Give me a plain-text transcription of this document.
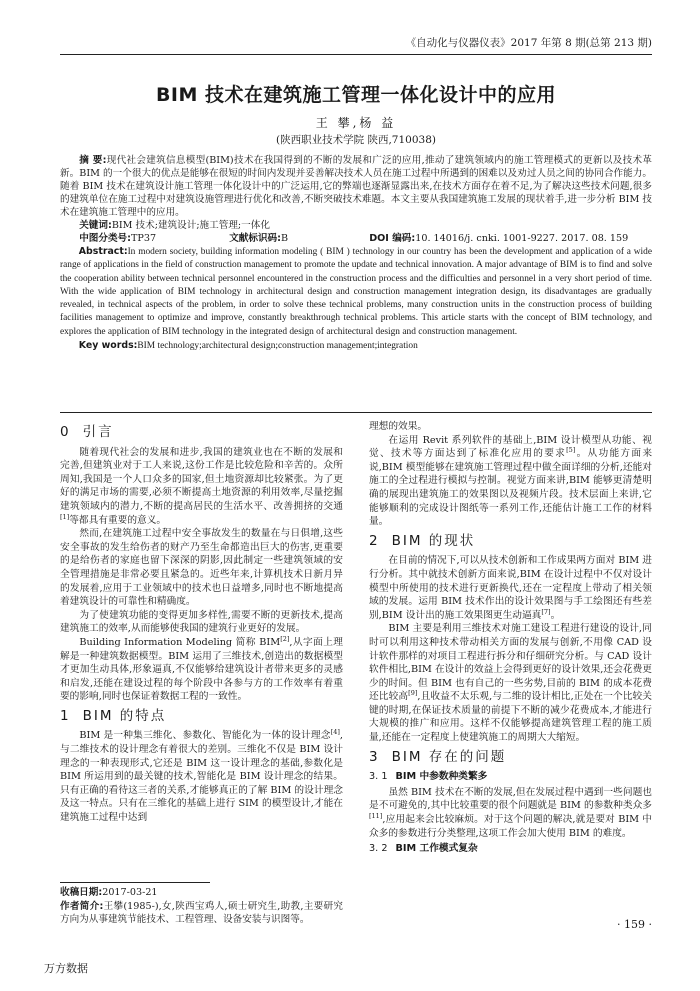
《自动化与仪器仪表》2017 年第 8 期(总第 213 期)
BIM 技术在建筑施工管理一体化设计中的应用
王 攀,杨 益
(陕西职业技术学院 陕西,710038)

摘 要:现代社会建筑信息模型(BIM)技术在我国得到的不断的发展和广泛的应用,推动了建筑领域内的施工管理模式的更新以及技术革新。BIM 的一个很大的优点是能够在很短的时间内发现并妥善解决技术人员在施工过程中所遇到的困难以及劝过人员之间的协同合作能力。随着 BIM 技术在建筑设计施工管理一体化设计中的广泛运用,它的弊端也逐渐显露出来,在技术方面存在着不足,为了解决这些技术问题,很多的建筑单位在施工过程中对建筑设施管理进行优化和改善,不断突破技术难题。本文主要从我国建筑施工发展的现状着手,进一步分析 BIM 技术在建筑施工管理中的应用。

关键词:BIM 技术;建筑设计;施工管理;一体化

中图分类号:TP37	文献标识码:B	DOI 编码:10. 14016/j. cnki. 1001-9227. 2017. 08. 159

Abstract:In modern society, building information modeling ( BIM ) technology in our country has been the development and application of a wide range of applications in the field of construction management to promote the update and technical innovation. A major advantage of BIM is to find and solve the cooperation ability between technical personnel encountered in the construction process and the difficulties and personnel in a very short period of time. With the wide application of BIM technology in architectural design and construction management integration design, its disadvantages are gradually revealed, in technical aspects of the problem, in order to solve these technical problems, many construction units in the construction process of building facilities management to optimize and improve, constantly breakthrough technical problems. This article starts with the concept of BIM technology, and explores the application of BIM technology in the integrated design of architectural design and construction management.

Key words:BIM technology;architectural design;construction management;integration

0 引言

随着现代社会的发展和进步,我国的建筑业也在不断的发展和完善,但建筑业对于工人来说,这份工作是比较危险和辛苦的。众所周知,我国是一个人口众多的国家,但土地资源却比较紧张。为了更好的满足市场的需要,必须不断提高土地资源的利用效率,尽量挖掘建筑领域内的潜力,不断的提高居民的生活水平、改善拥挤的交通[1]等都具有重要的意义。

然而,在建筑施工过程中安全事故发生的数量在与日俱增,这些安全事故的发生给伤者的财产乃至生命都造出巨大的伤害,更重要的是给伤者的家庭也留下深深的阴影,因此制定一些建筑领域的安全管理措施是非常必要且紧急的。近些年来,计算机技术日新月异的发展着,应用于工业领域中的技术也日益增多,同时也不断地提高着建筑设计的可靠性和精确度。

为了使建筑功能的变得更加多样性,需要不断的更新技术,提高建筑施工的效率,从而能够使我国的建筑行业更好的发展。

Building Information Modeling 简称 BIM[2],从字面上理解是一种建筑数据模型。BIM 运用了三维技术,创造出的数据模型才更加生动具体,形象逼真,不仅能够给建筑设计者带来更多的灵感和启发,还能在建设过程的每个阶段中各参与方的工作效率有着重要的影响,同时也保证着数据工程的一致性。

1 BIM 的特点

BIM 是一种集三维化、参数化、智能化为一体的设计理念[4],与二维技术的设计理念有着很大的差别。三维化不仅是 BIM 设计理念的一种表现形式,它还是 BIM 这一设计理念的基础,参数化是 BIM 所运用到的最关键的技术,智能化是 BIM 设计理念的结果。只有正确的看待这三者的关系,才能够真正的了解 BIM 的设计理念及这一特点。只有在三维化的基础上进行 SIM 的模型设计,才能在建筑施工过程中达到

收稿日期:2017-03-21

作者简介:王攀(1985-),女,陕西宝鸡人,硕士研究生,助教,主要研究方向为从事建筑节能技术、工程管理、设备安装与识图等。

理想的效果。

在运用 Revit 系列软件的基础上,BIM 设计模型从功能、视觉、技术等方面达到了标准化应用的要求[5]。从功能方面来说,BIM 模型能够在建筑施工管理过程中做全面详细的分析,还能对施工的全过程进行模拟与控制。视觉方面来讲,BIM 能够更清楚明确的展现出建筑施工的效果图以及视频片段。技术层面上来讲,它能够顺利的完成设计图纸等一系列工作,还能估计施工工作的材料量。

2 BIM 的现状

在目前的情况下,可以从技术创新和工作成果两方面对 BIM 进行分析。其中就技术创新方面来说,BIM 在设计过程中不仅对设计模型中所使用的技术进行更新换代,还在一定程度上带动了相关领域的发展。运用 BIM 技术作出的设计效果图与手工绘图还有些差别,BIM 设计出的施工效果图更生动逼真[7]。

BIM 主要是利用三维技术对施工建设工程进行建设的设计,同时可以利用这种技术带动相关方面的发展与创新,不用像 CAD 设计软件那样的对项目工程进行拆分和仔细研究分析。与 CAD 设计软件相比,BIM 在设计的效益上会得到更好的设计效果,还会花费更少的时间。但 BIM 也有自己的一些劣势,目前的 BIM 的成本花费还比较高[9],且收益不太乐观,与二维的设计相比,正处在一个比较关键的时期,在保证技术质量的前提下不断的减少花费成本,才能进行大规模的推广和应用。这样不仅能够提高建筑管理工程的施工质量,还能在一定程度上使建筑施工的周期大大缩短。

3 BIM 存在的问题
3. 1 BIM 中参数种类繁多

虽然 BIM 技术在不断的发展,但在发展过程中遇到一些问题也是不可避免的,其中比较重要的很个问题就是 BIM 的参数种类众多[11],应用起来会比较麻烦。对于这个问题的解决,就是要对 BIM 中众多的参数进行分类整理,这项工作会加大使用 BIM 的难度。

3. 2 BIM 工作模式复杂
· 159 ·
万方数据
